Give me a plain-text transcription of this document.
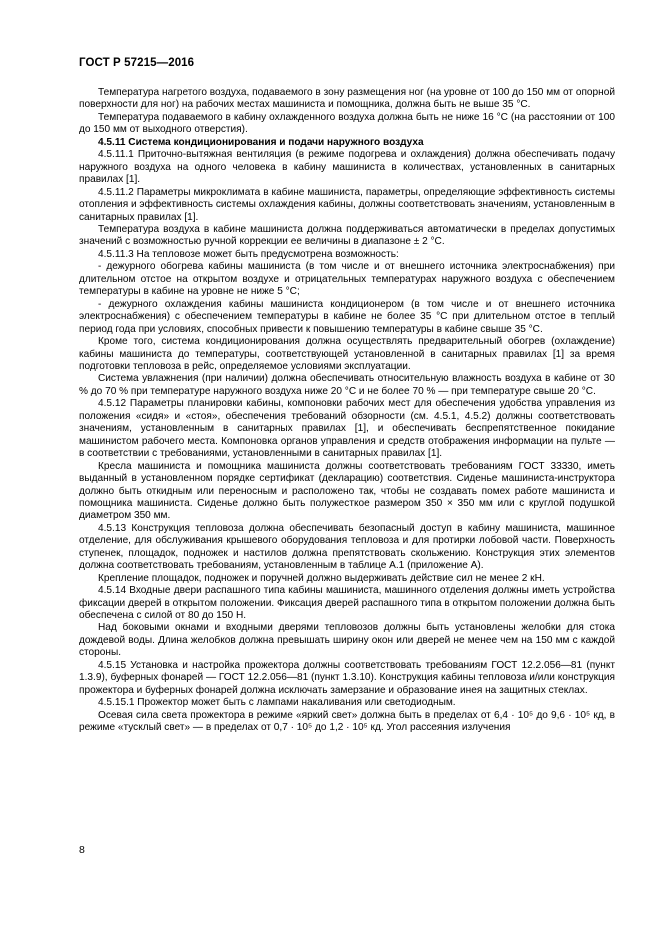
ГОСТ Р 57215—2016

Температура нагретого воздуха, подаваемого в зону размещения ног (на уровне от 100 до 150 мм от опорной поверхности для ног) на рабочих местах машиниста и помощника, должна быть не выше 35 °C.

Температура подаваемого в кабину охлажденного воздуха должна быть не ниже 16 °C (на расстоянии от 100 до 150 мм от выходного отверстия).

4.5.11 Система кондиционирования и подачи наружного воздуха

4.5.11.1 Приточно-вытяжная вентиляция (в режиме подогрева и охлаждения) должна обеспечивать подачу наружного воздуха на одного человека в кабину машиниста в количествах, установленных в санитарных правилах [1].

4.5.11.2 Параметры микроклимата в кабине машиниста, параметры, определяющие эффективность системы отопления и эффективность системы охлаждения кабины, должны соответствовать значениям, установленным в санитарных правилах [1].

Температура воздуха в кабине машиниста должна поддерживаться автоматически в пределах допустимых значений с возможностью ручной коррекции ее величины в диапазоне ± 2 °C.

4.5.11.3 На тепловозе может быть предусмотрена возможность:

- дежурного обогрева кабины машиниста (в том числе и от внешнего источника электроснабжения) при длительном отстое на открытом воздухе и отрицательных температурах наружного воздуха с обеспечением температуры в кабине на уровне не ниже 5 °C;

- дежурного охлаждения кабины машиниста кондиционером (в том числе и от внешнего источника электроснабжения) с обеспечением температуры в кабине не более 35 °C при длительном отстое в теплый период года при условиях, способных привести к повышению температуры в кабине свыше 35 °C.

Кроме того, система кондиционирования должна осуществлять предварительный обогрев (охлаждение) кабины машиниста до температуры, соответствующей установленной в санитарных правилах [1] за время подготовки тепловоза в рейс, определяемое условиями эксплуатации.

Система увлажнения (при наличии) должна обеспечивать относительную влажность воздуха в кабине от 30 % до 70 % при температуре наружного воздуха ниже 20 °C и не более 70 % — при температуре свыше 20 °C.

4.5.12 Параметры планировки кабины, компоновки рабочих мест для обеспечения удобства управления из положения «сидя» и «стоя», обеспечения требований обзорности (см. 4.5.1, 4.5.2) должны соответствовать значениям, установленным в санитарных правилах [1], и обеспечивать беспрепятственное покидание машинистом рабочего места. Компоновка органов управления и средств отображения информации на пульте — в соответствии с требованиями, установленными в санитарных правилах [1].

Кресла машиниста и помощника машиниста должны соответствовать требованиям ГОСТ 33330, иметь выданный в установленном порядке сертификат (декларацию) соответствия. Сиденье машиниста-инструктора должно быть откидным или переносным и расположено так, чтобы не создавать помех работе машиниста и помощника машиниста. Сиденье должно быть полужесткое размером 350 × 350 мм или с круглой подушкой диаметром 350 мм.

4.5.13 Конструкция тепловоза должна обеспечивать безопасный доступ в кабину машиниста, машинное отделение, для обслуживания крышевого оборудования тепловоза и для протирки лобовой части. Поверхность ступенек, площадок, подножек и настилов должна препятствовать скольжению. Конструкция этих элементов должна соответствовать требованиям, установленным в таблице А.1 (приложение А).

Крепление площадок, подножек и поручней должно выдерживать действие сил не менее 2 кН.

4.5.14 Входные двери распашного типа кабины машиниста, машинного отделения должны иметь устройства фиксации дверей в открытом положении. Фиксация дверей распашного типа в открытом положении должна быть обеспечена с силой от 80 до 150 Н.

Над боковыми окнами и входными дверями тепловозов должны быть установлены желобки для стока дождевой воды. Длина желобков должна превышать ширину окон или дверей не менее чем на 150 мм с каждой стороны.

4.5.15 Установка и настройка прожектора должны соответствовать требованиям ГОСТ 12.2.056—81 (пункт 1.3.9), буферных фонарей — ГОСТ 12.2.056—81 (пункт 1.3.10). Конструкция кабины тепловоза и/или конструкция прожектора и буферных фонарей должна исключать замерзание и образование инея на защитных стеклах.

4.5.15.1 Прожектор может быть с лампами накаливания или светодиодным.

Осевая сила света прожектора в режиме «яркий свет» должна быть в пределах от 6,4 · 10⁵ до 9,6 · 10⁵ кд, в режиме «тусклый свет» — в пределах от 0,7 · 10⁵ до 1,2 · 10⁵ кд. Угол рассеяния излучения

8
